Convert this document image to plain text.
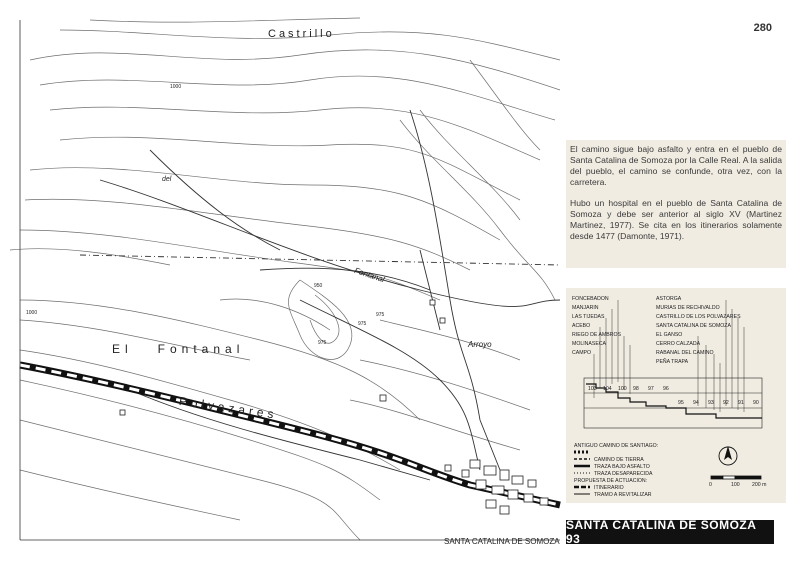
Castrillo
El   Fontanal
Polvazares
Arroyo
Fontanal
del
SANTA CATALINA DE SOMOZA
1000
1000
950
975
975
975
280
El camino sigue bajo asfalto y entra en el pueblo de Santa Catalina de Somoza por la Calle Real. A la salida del pueblo, el camino se confunde, otra vez, con la carretera.
Hubo un hospital en el pueblo de Santa Catalina de Somoza y debe ser anterior al siglo XV (Martinez Martinez, 1977). Se cita en los itinerarios solamente desde 1477 (Damonte, 1971).
FONCEBADON
MANJARIN
LAS TIJEDAS
ACEBO
RIEGO DE AMBROS
MOLINASECA
CAMPO
ASTORGA
MURIAS DE RECHIVALDO
CASTRILLO DE LOS POLVAZARES
SANTA CATALINA DE SOMOZA
EL GANSO
CERRO CALZADA
RABANAL DEL CAMINO
PEÑA TRAPA
103 104 100 98 97 96
95 94 93 92 91 90
ANTIGUO CAMINO DE SANTIAGO:
CAMINO DE TIERRA
TRAZA BAJO ASFALTO
TRAZA DESAPARECIDA
PROPUESTA DE ACTUACION:
ITINERARIO
TRAMO A REVITALIZAR
0	100 200 m
SANTA CATALINA DE SOMOZA 93
